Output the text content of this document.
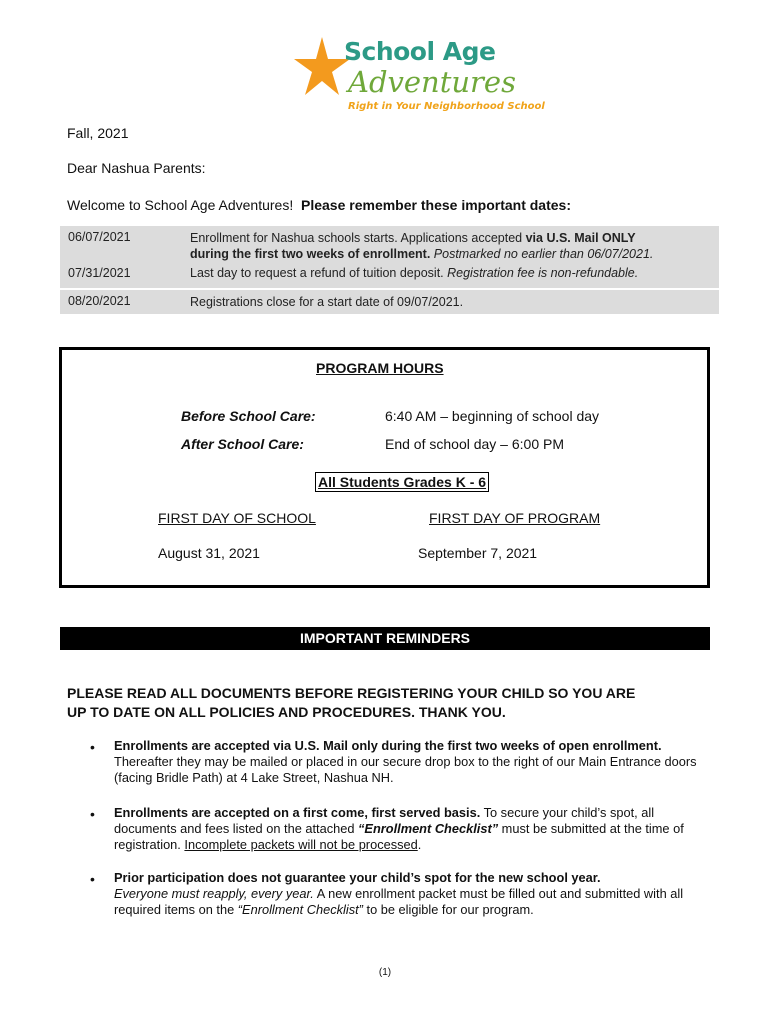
School Age
Adventures
Right in Your Neighborhood School
Fall, 2021
Dear Nashua Parents:
Welcome to School Age Adventures! Please remember these important dates:
06/07/2021	Enrollment for Nashua schools starts. Applications accepted via U.S. Mail ONLY
during the first two weeks of enrollment. Postmarked no earlier than 06/07/2021.
07/31/2021	Last day to request a refund of tuition deposit. Registration fee is non-refundable.
08/20/2021	Registrations close for a start date of 09/07/2021.
PROGRAM HOURS
Before School Care:	6:40 AM – beginning of school day
After School Care:	End of school day – 6:00 PM
All Students Grades K - 6
FIRST DAY OF SCHOOL	FIRST DAY OF PROGRAM
August 31, 2021	September 7, 2021
IMPORTANT REMINDERS
PLEASE READ ALL DOCUMENTS BEFORE REGISTERING YOUR CHILD SO YOU ARE
UP TO DATE ON ALL POLICIES AND PROCEDURES. THANK YOU.
• Enrollments are accepted via U.S. Mail only during the first two weeks of open enrollment. Thereafter they may be mailed or placed in our secure drop box to the right of our Main Entrance doors (facing Bridle Path) at 4 Lake Street, Nashua NH.
• Enrollments are accepted on a first come, first served basis. To secure your child’s spot, all documents and fees listed on the attached “Enrollment Checklist” must be submitted at the time of registration. Incomplete packets will not be processed.
• Prior participation does not guarantee your child’s spot for the new school year.
Everyone must reapply, every year. A new enrollment packet must be filled out and submitted with all required items on the “Enrollment Checklist” to be eligible for our program.
(1)
